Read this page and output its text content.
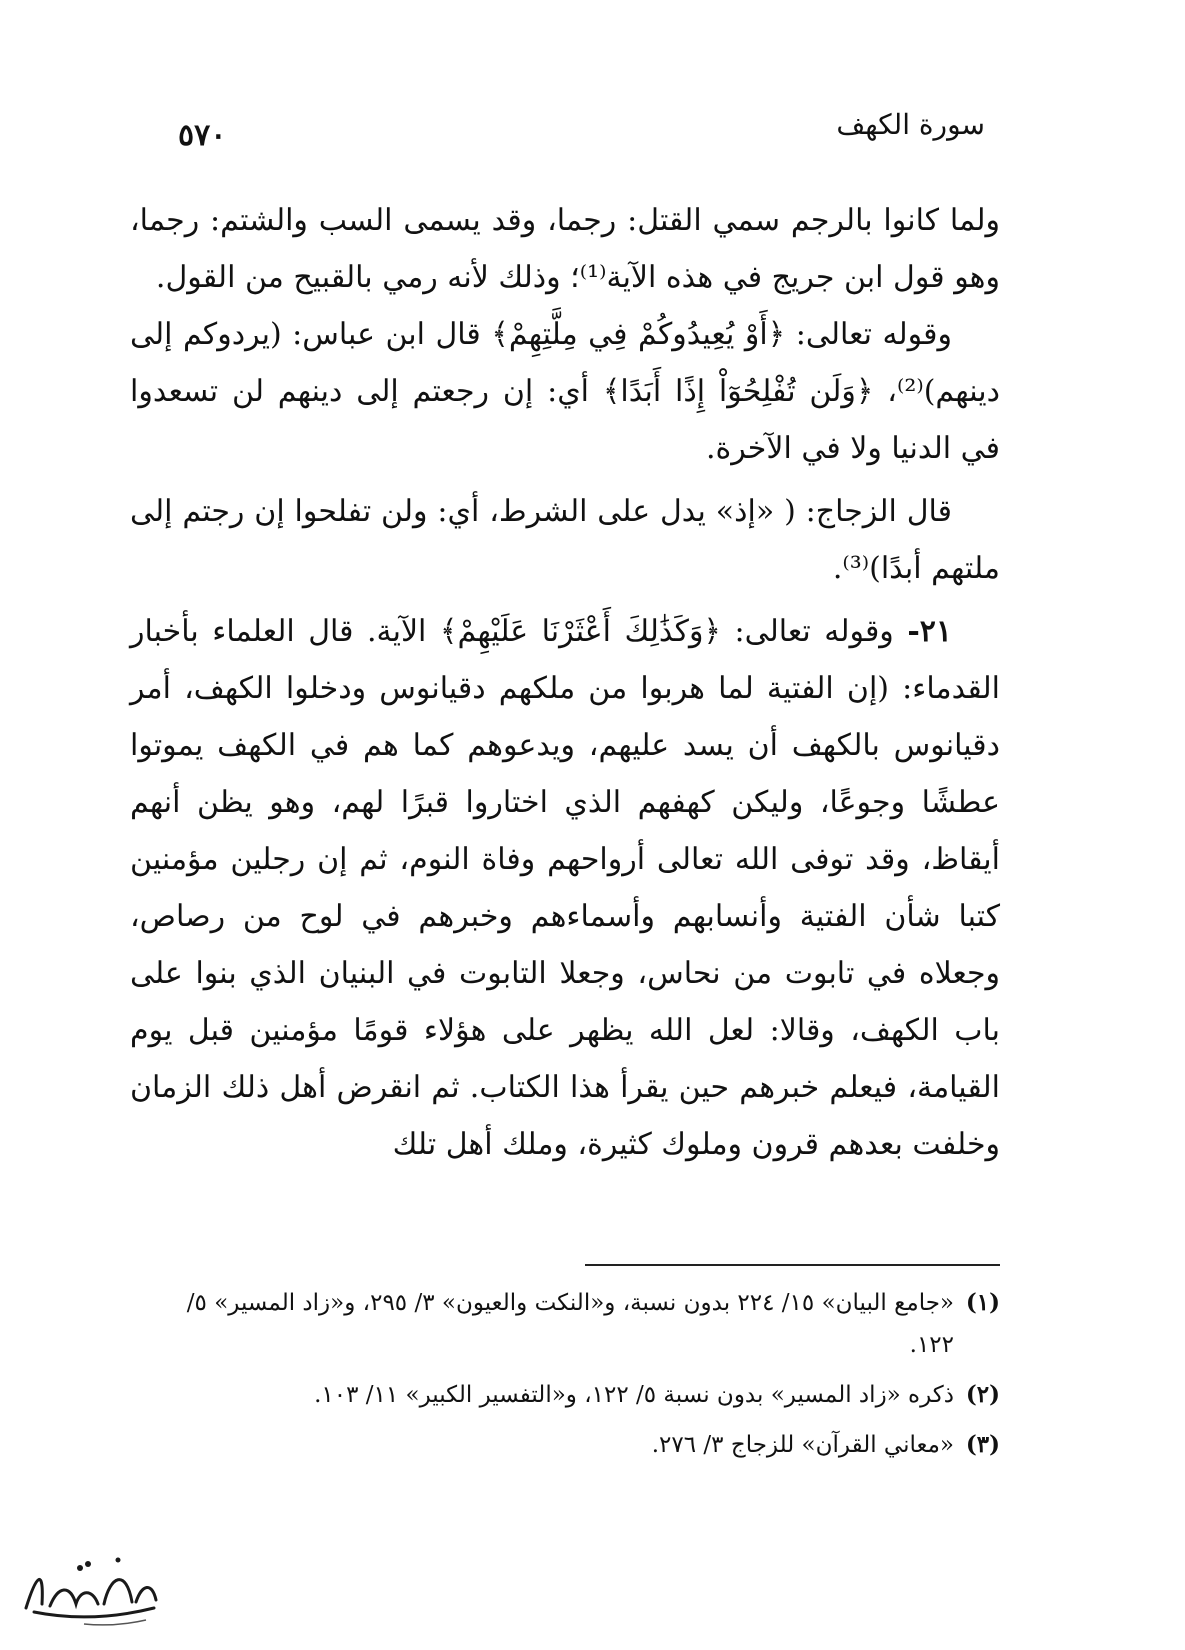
سورة الكهف
٥٧٠

ولما كانوا بالرجم سمي القتل: رجما، وقد يسمى السب والشتم: رجما، وهو قول ابن جريج في هذه الآية⁽¹⁾؛ وذلك لأنه رمي بالقبيح من القول.

وقوله تعالى: ﴿أَوْ يُعِيدُوكُمْ فِي مِلَّتِهِمْ﴾ قال ابن عباس: (يردوكم إلى دينهم)⁽²⁾، ﴿وَلَن تُفْلِحُوٓاْ إِذًا أَبَدًا﴾ أي: إن رجعتم إلى دينهم لن تسعدوا في الدنيا ولا في الآخرة.

قال الزجاج: ( «إذ» يدل على الشرط، أي: ولن تفلحوا إن رجتم إلى ملتهم أبدًا)⁽³⁾.

٢١- وقوله تعالى: ﴿وَكَذَٰلِكَ أَعْثَرْنَا عَلَيْهِمْ﴾ الآية. قال العلماء بأخبار القدماء: (إن الفتية لما هربوا من ملكهم دقيانوس ودخلوا الكهف، أمر دقيانوس بالكهف أن يسد عليهم، ويدعوهم كما هم في الكهف يموتوا عطشًا وجوعًا، وليكن كهفهم الذي اختاروا قبرًا لهم، وهو يظن أنهم أيقاظ، وقد توفى الله تعالى أرواحهم وفاة النوم، ثم إن رجلين مؤمنين كتبا شأن الفتية وأنسابهم وأسماءهم وخبرهم في لوح من رصاص، وجعلاه في تابوت من نحاس، وجعلا التابوت في البنيان الذي بنوا على باب الكهف، وقالا: لعل الله يظهر على هؤلاء قومًا مؤمنين قبل يوم القيامة، فيعلم خبرهم حين يقرأ هذا الكتاب. ثم انقرض أهل ذلك الزمان وخلفت بعدهم قرون وملوك كثيرة، وملك أهل تلك

(١)
«جامع البيان» ١٥/ ٢٢٤ بدون نسبة، و«النكت والعيون» ٣/ ٢٩٥، و«زاد المسير» ٥/ ١٢٢.
(٢)
ذكره «زاد المسير» بدون نسبة ٥/ ١٢٢، و«التفسير الكبير» ١١/ ١٠٣.
(٣)
«معاني القرآن» للزجاج ٣/ ٢٧٦.
